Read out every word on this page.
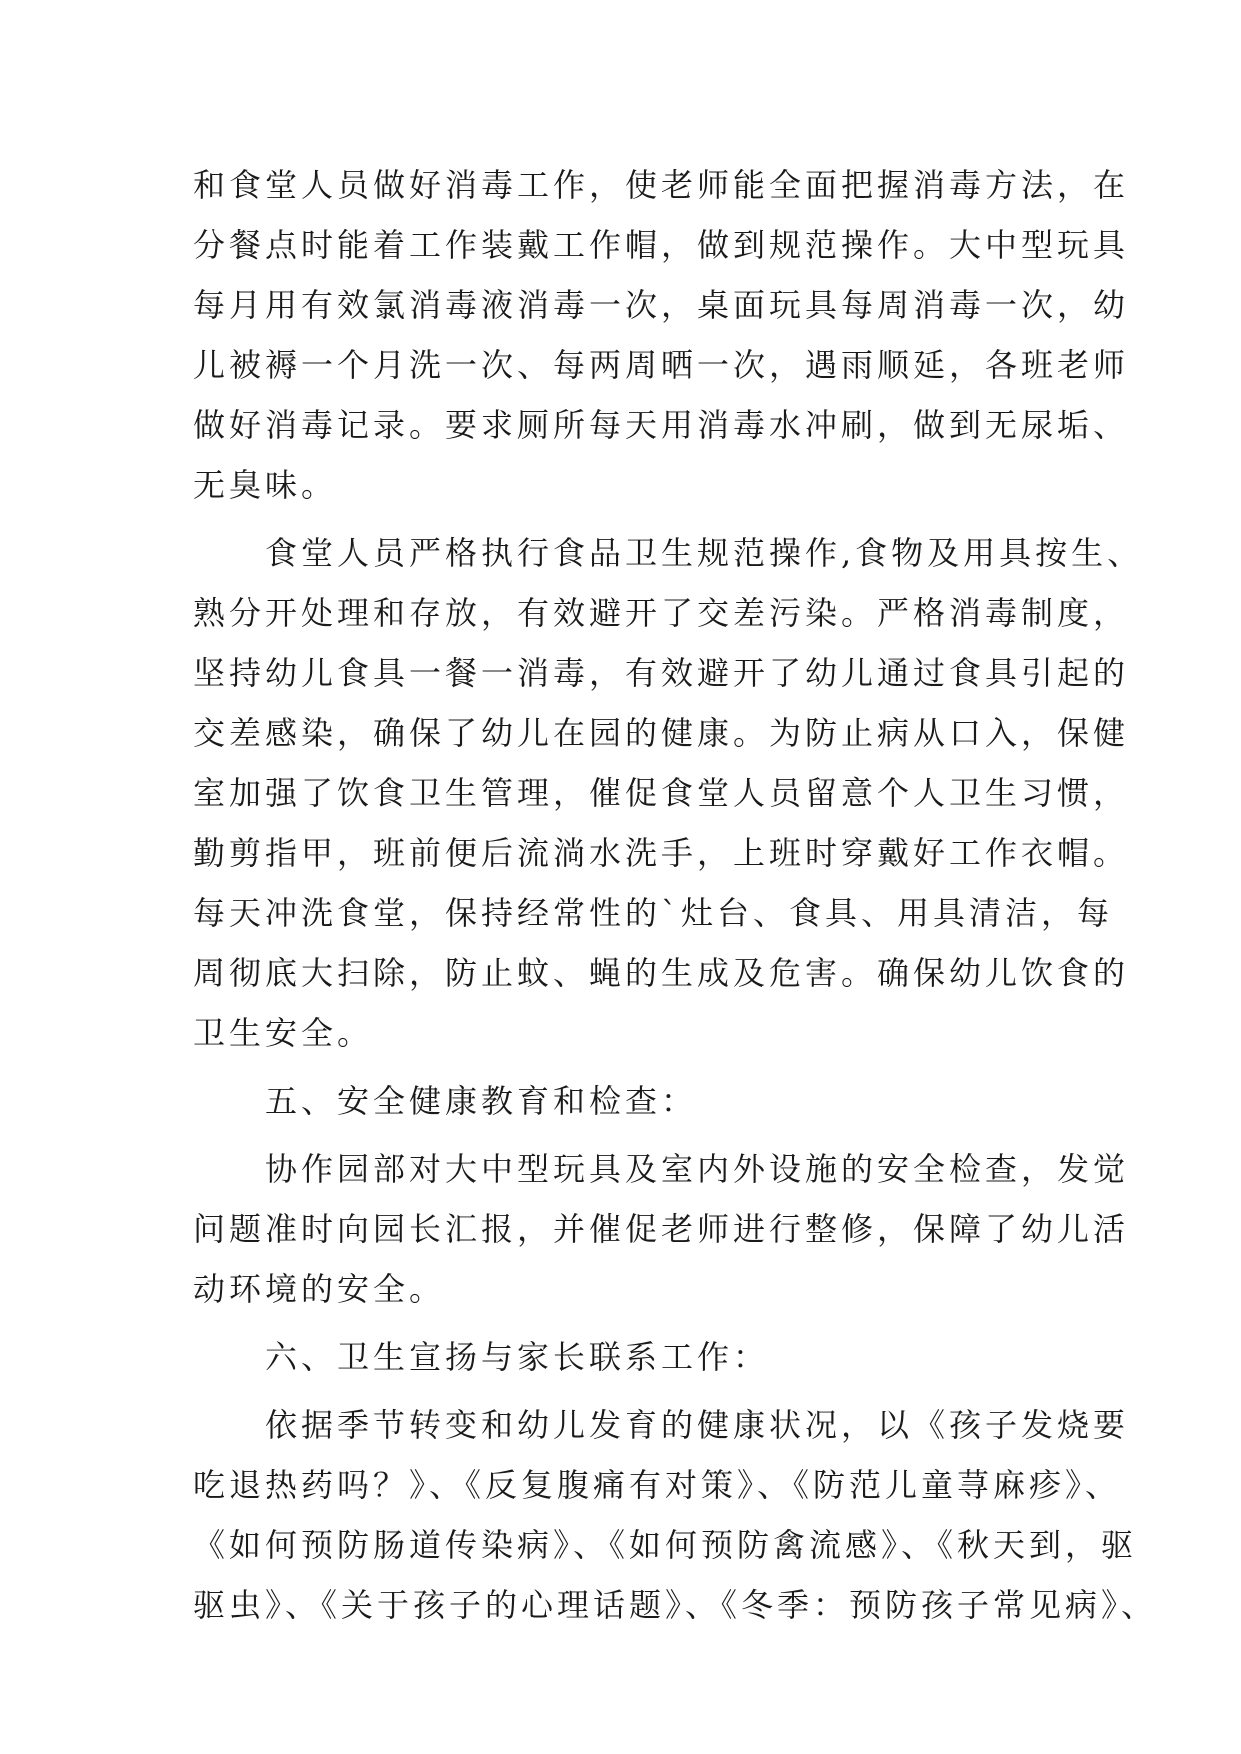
和食堂人员做好消毒工作，使老师能全面把握消毒方法，在
分餐点时能着工作装戴工作帽，做到规范操作。大中型玩具
每月用有效氯消毒液消毒一次，桌面玩具每周消毒一次，幼
儿被褥一个月洗一次、每两周晒一次，遇雨顺延，各班老师
做好消毒记录。要求厕所每天用消毒水冲刷，做到无尿垢、
无臭味。
　　食堂人员严格执行食品卫生规范操作,食物及用具按生、
熟分开处理和存放，有效避开了交差污染。严格消毒制度，
坚持幼儿食具一餐一消毒，有效避开了幼儿通过食具引起的
交差感染，确保了幼儿在园的健康。为防止病从口入，保健
室加强了饮食卫生管理，催促食堂人员留意个人卫生习惯，
勤剪指甲，班前便后流淌水洗手，上班时穿戴好工作衣帽。
每天冲洗食堂，保持经常性的`灶台、食具、用具清洁，每
周彻底大扫除，防止蚊、蝇的生成及危害。确保幼儿饮食的
卫生安全。
　　五、安全健康教育和检查：
　　协作园部对大中型玩具及室内外设施的安全检查，发觉
问题准时向园长汇报，并催促老师进行整修，保障了幼儿活
动环境的安全。
　　六、卫生宣扬与家长联系工作：
　　依据季节转变和幼儿发育的健康状况，以《孩子发烧要
吃退热药吗？》、《反复腹痛有对策》、《防范儿童荨麻疹》、
《如何预防肠道传染病》、《如何预防禽流感》、《秋天到，驱
驱虫》、《关于孩子的心理话题》、《冬季：预防孩子常见病》、
